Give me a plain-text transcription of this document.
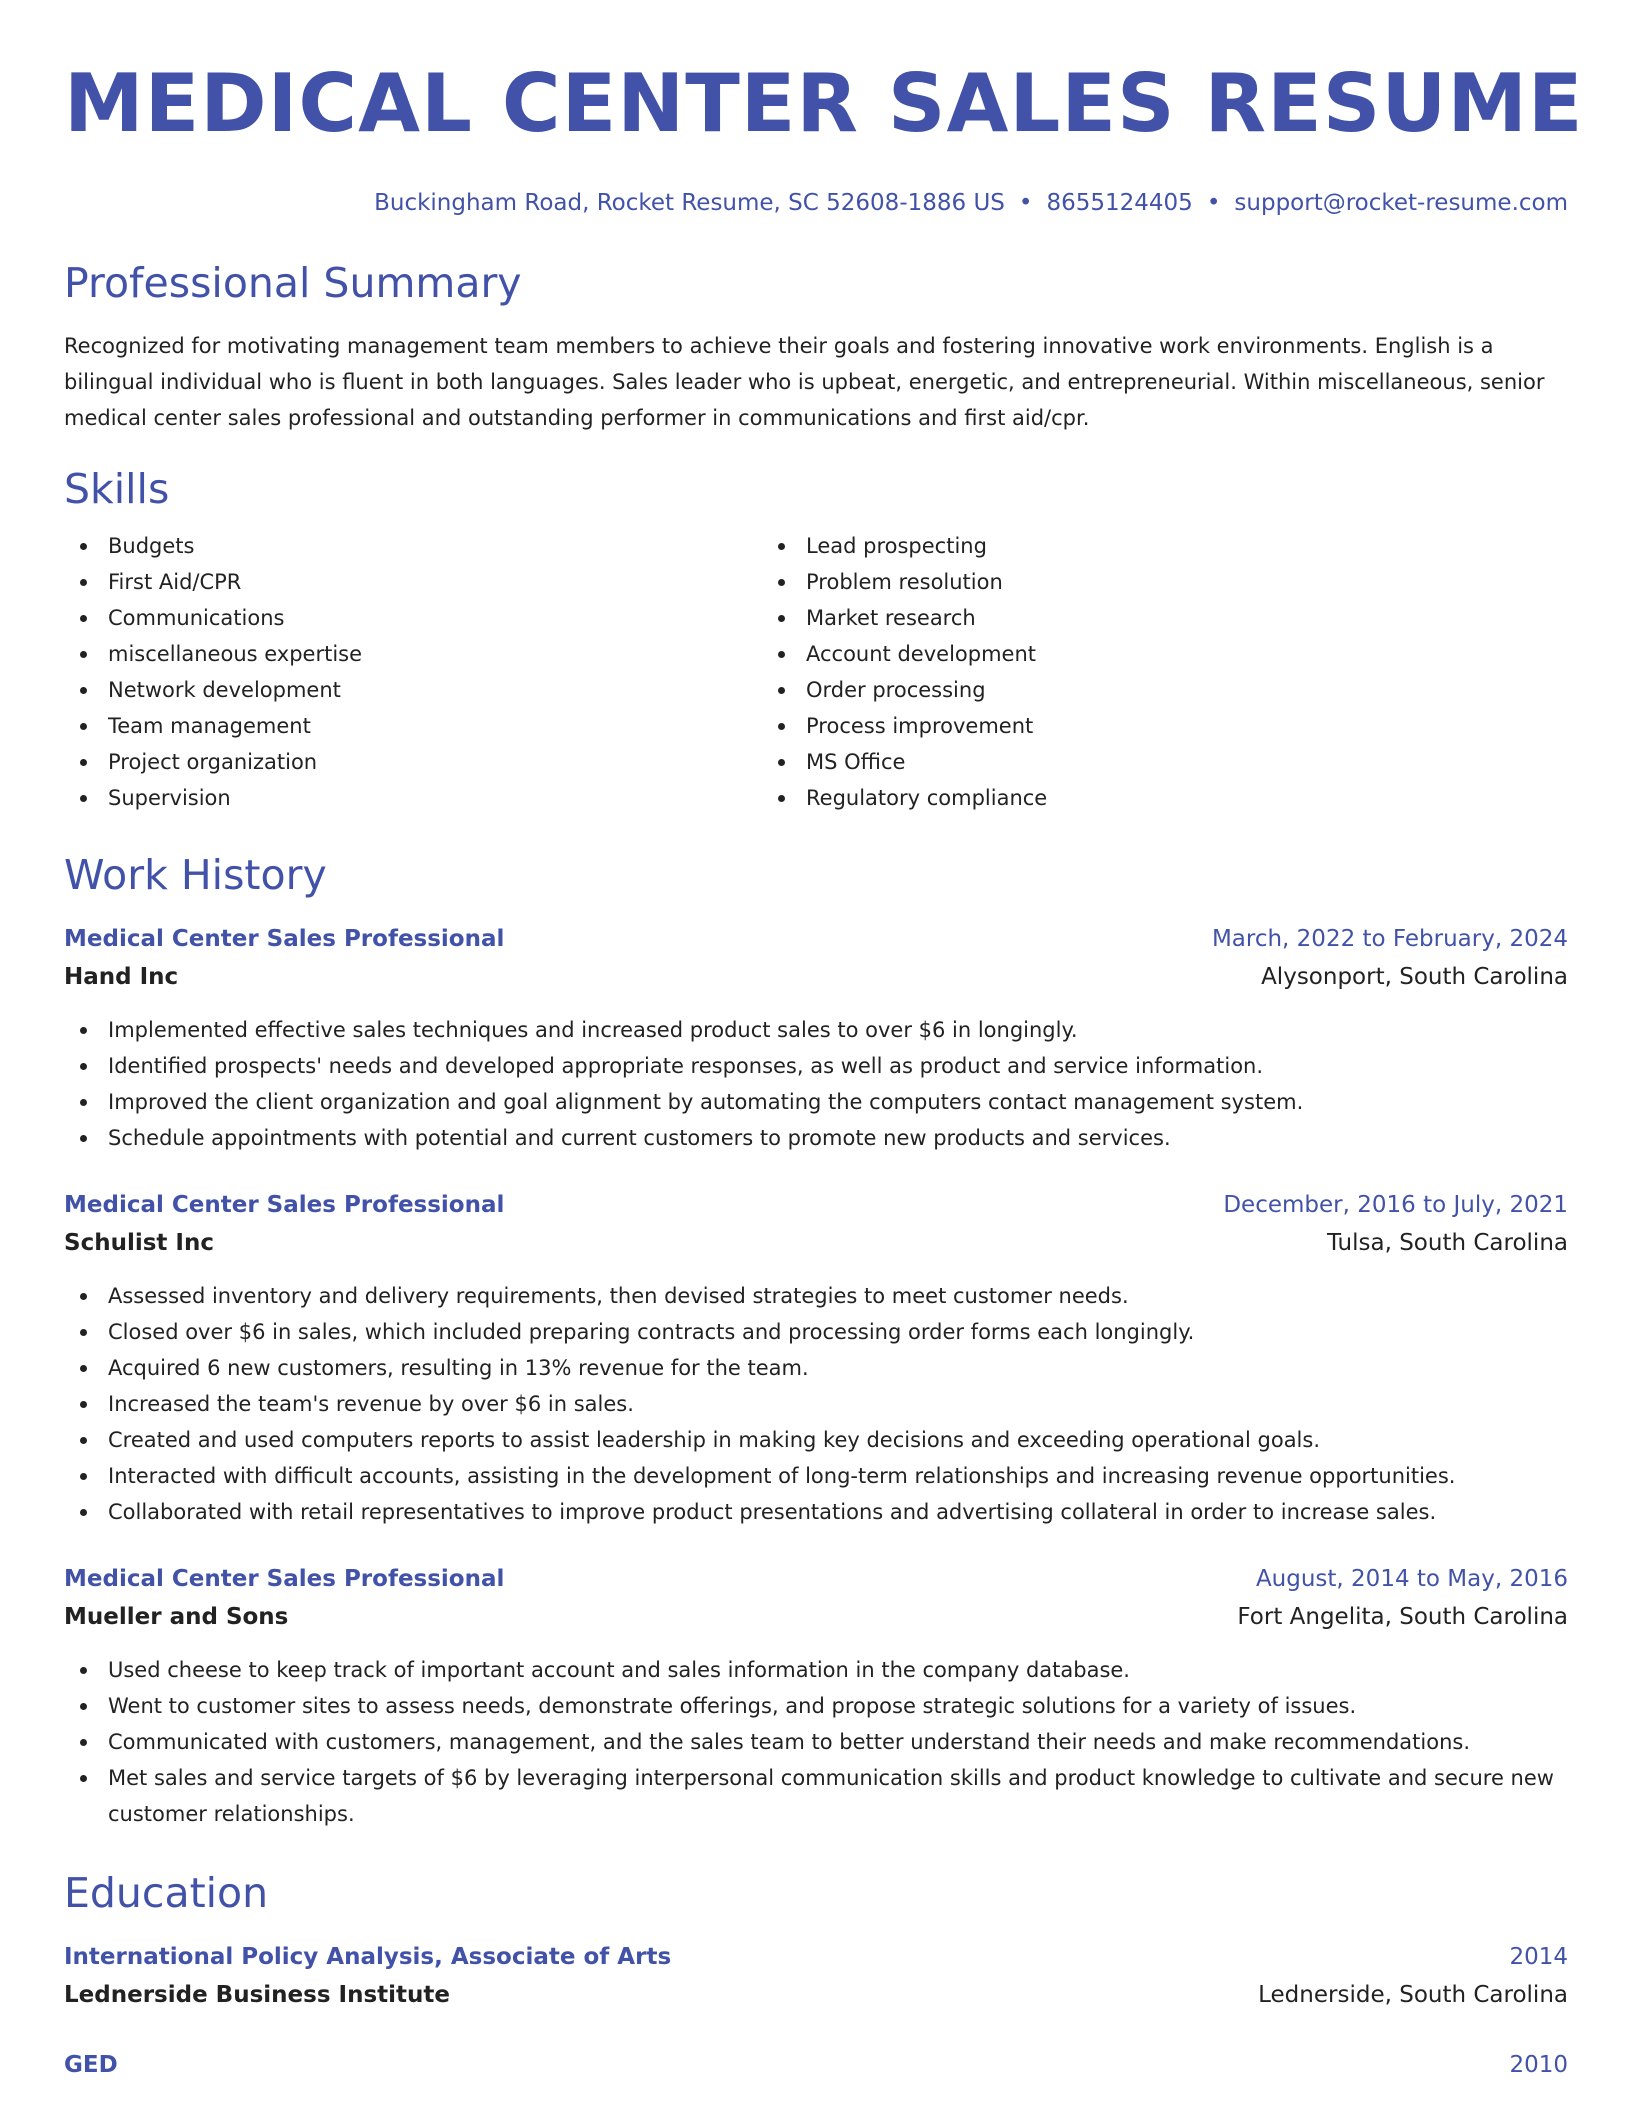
MEDICAL CENTER SALES RESUME
Buckingham Road, Rocket Resume, SC 52608-1886 US • 8655124405 • support@rocket-resume.com
Professional Summary
Recognized for motivating management team members to achieve their goals and fostering innovative work environments. English is a bilingual individual who is fluent in both languages. Sales leader who is upbeat, energetic, and entrepreneurial. Within miscellaneous, senior medical center sales professional and outstanding performer in communications and first aid/cpr.
Skills
Budgets
First Aid/CPR
Communications
miscellaneous expertise
Network development
Team management
Project organization
Supervision
Lead prospecting
Problem resolution
Market research
Account development
Order processing
Process improvement
MS Office
Regulatory compliance
Work History
Medical Center Sales Professional	March, 2022 to February, 2024
Hand Inc	Alysonport, South Carolina
Implemented effective sales techniques and increased product sales to over $6 in longingly.
Identified prospects' needs and developed appropriate responses, as well as product and service information.
Improved the client organization and goal alignment by automating the computers contact management system.
Schedule appointments with potential and current customers to promote new products and services.
Medical Center Sales Professional	December, 2016 to July, 2021
Schulist Inc	Tulsa, South Carolina
Assessed inventory and delivery requirements, then devised strategies to meet customer needs.
Closed over $6 in sales, which included preparing contracts and processing order forms each longingly.
Acquired 6 new customers, resulting in 13% revenue for the team.
Increased the team's revenue by over $6 in sales.
Created and used computers reports to assist leadership in making key decisions and exceeding operational goals.
Interacted with difficult accounts, assisting in the development of long-term relationships and increasing revenue opportunities.
Collaborated with retail representatives to improve product presentations and advertising collateral in order to increase sales.
Medical Center Sales Professional	August, 2014 to May, 2016
Mueller and Sons	Fort Angelita, South Carolina
Used cheese to keep track of important account and sales information in the company database.
Went to customer sites to assess needs, demonstrate offerings, and propose strategic solutions for a variety of issues.
Communicated with customers, management, and the sales team to better understand their needs and make recommendations.
Met sales and service targets of $6 by leveraging interpersonal communication skills and product knowledge to cultivate and secure new customer relationships.
Education
International Policy Analysis, Associate of Arts	2014
Lednerside Business Institute	Lednerside, South Carolina
GED	2010
